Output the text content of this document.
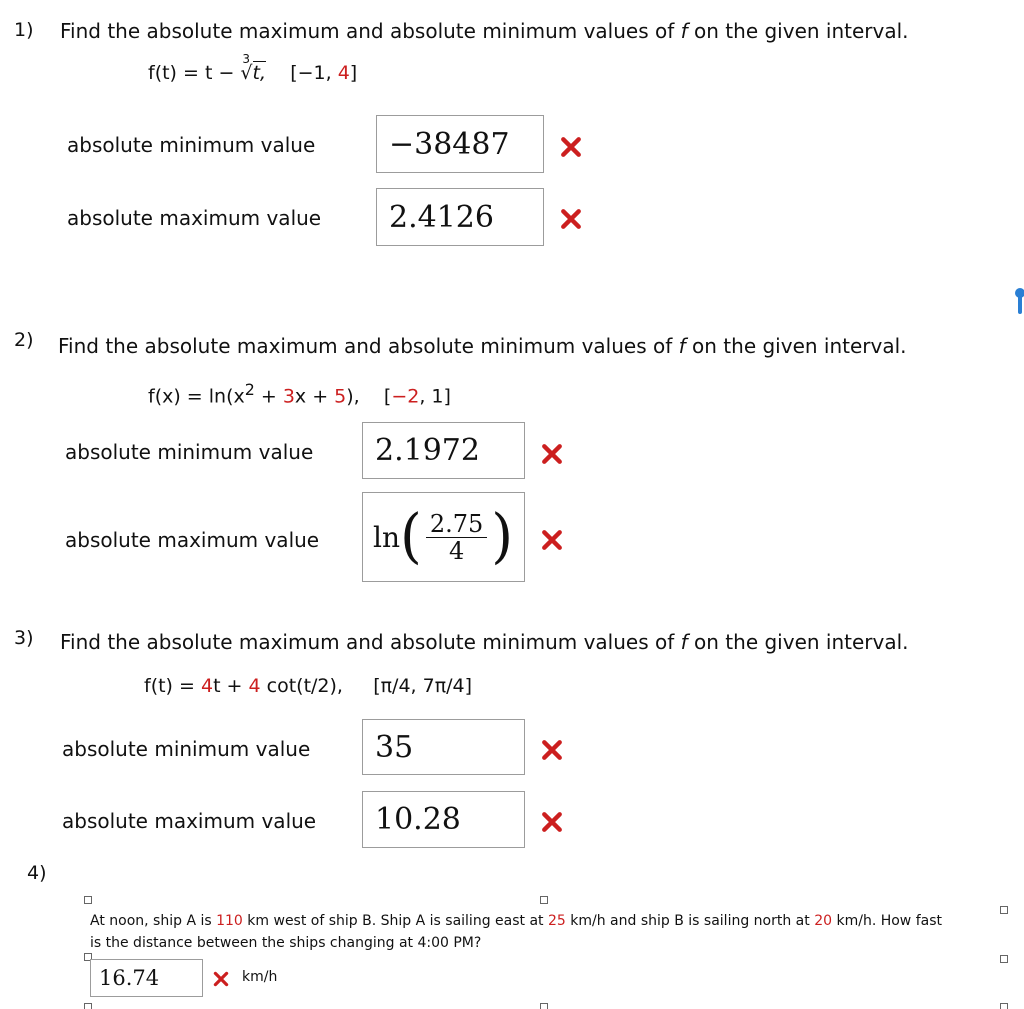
1) Find the absolute maximum and absolute minimum values of f on the given interval.
f(t) = t −
3
√t, [−1, 4]
absolute minimum value	−38487
absolute maximum value	2.4126
2) Find the absolute maximum and absolute minimum values of f on the given interval.
$f(x) = \ln(x^2 + 3x + 5)$, [−2, 1]
absolute minimum value	2.1972
absolute maximum value ln ( $\frac{2.75}{4}$ )
3) Find the absolute maximum and absolute minimum values of f on the given interval.
f(t) = 4t + 4 cot(t/2), [π/4, 7π/4]
absolute minimum value	35
absolute maximum value	10.28
4)
At noon, ship A is 110 km west of ship B. Ship A is sailing east at 25 km/h and ship B is sailing north at 20 km/h. How fast
is the distance between the ships changing at 4:00 PM?
16.74	km/h
